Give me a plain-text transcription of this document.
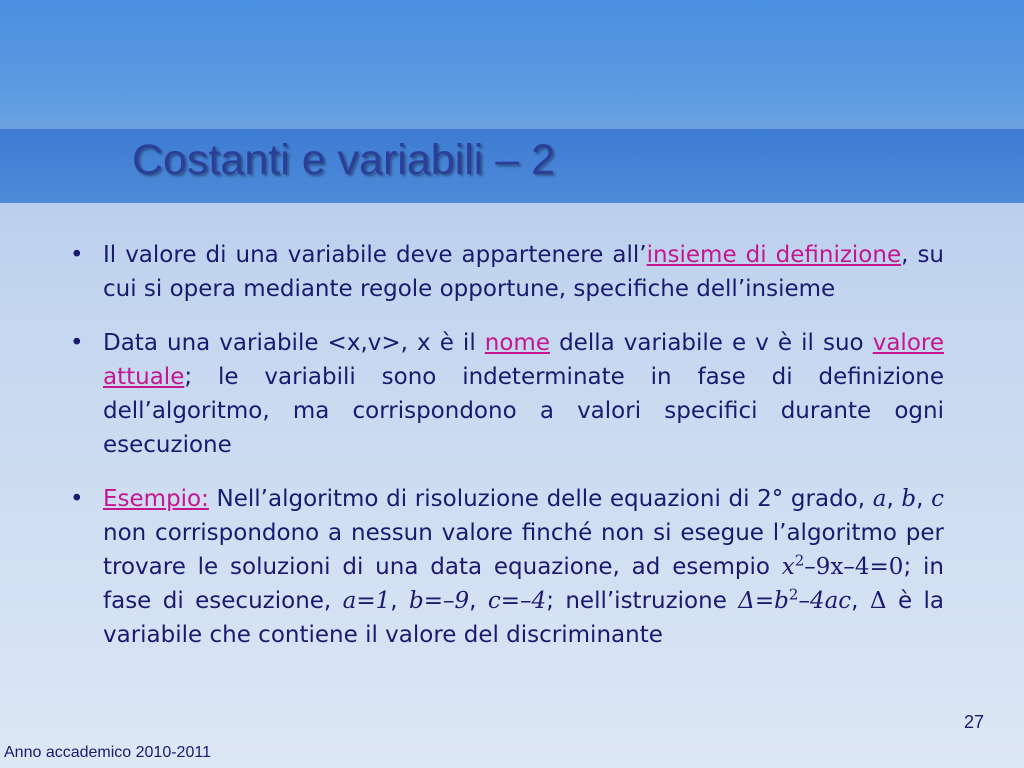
Costanti e variabili – 2
• Il valore di una variabile deve appartenere all’insieme di definizione, su cui si opera mediante regole opportune, specifiche dell’insieme
• Data una variabile <x,v>, x è il nome della variabile e v è il suo valore attuale; le variabili sono indeterminate in fase di definizione dell’algoritmo, ma corrispondono a valori specifici durante ogni esecuzione
• Esempio: Nell’algoritmo di risoluzione delle equazioni di 2° grado, a, b, c non corrispondono a nessun valore finché non si esegue l’algoritmo per trovare le soluzioni di una data equazione, ad esempio $x^2-9x-4=0$; in fase di esecuzione, a=1, b=–9, c=–4; nell’istruzione $\Delta=b^2-4ac$, Δ è la variabile che contiene il valore del discriminante
27
Anno accademico 2010-2011
